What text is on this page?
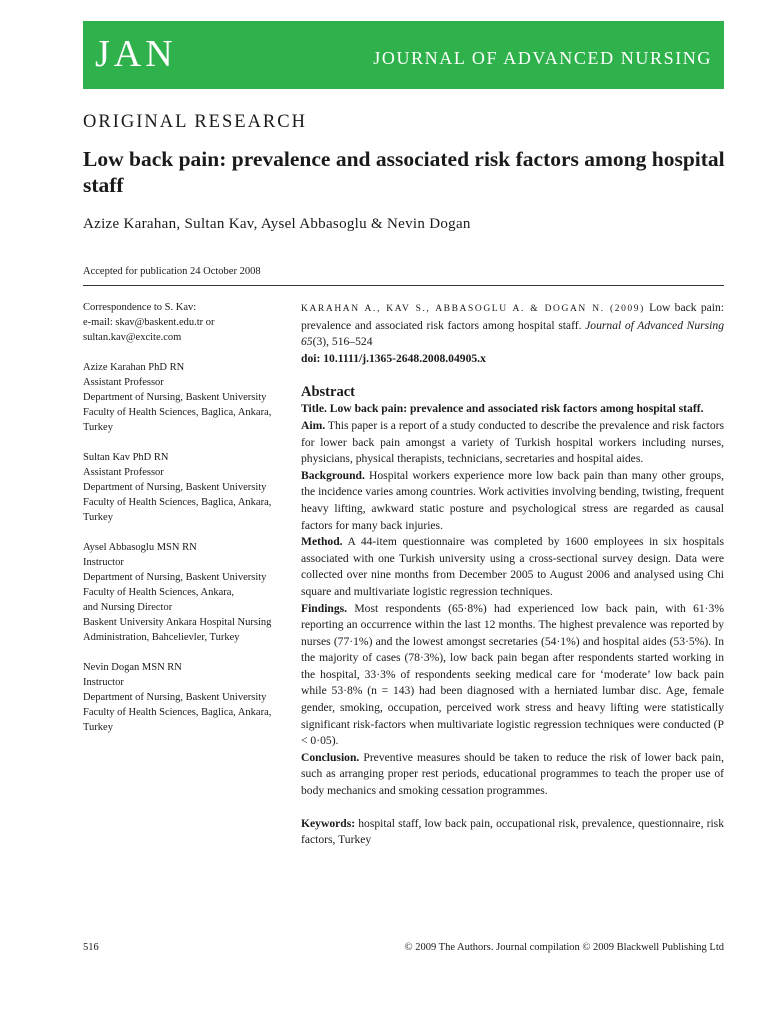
JAN	JOURNAL OF ADVANCED NURSING
ORIGINAL RESEARCH
Low back pain: prevalence and associated risk factors among hospital staff
Azize Karahan, Sultan Kav, Aysel Abbasoglu & Nevin Dogan
Accepted for publication 24 October 2008
Correspondence to S. Kav:
e-mail: skav@baskent.edu.tr or
sultan.kav@excite.com
Azize Karahan PhD RN
Assistant Professor
Department of Nursing, Baskent University
Faculty of Health Sciences, Baglica, Ankara,
Turkey
Sultan Kav PhD RN
Assistant Professor
Department of Nursing, Baskent University
Faculty of Health Sciences, Baglica, Ankara,
Turkey
Aysel Abbasoglu MSN RN
Instructor
Department of Nursing, Baskent University
Faculty of Health Sciences, Ankara,
and Nursing Director
Baskent University Ankara Hospital Nursing
Administration, Bahcelievler, Turkey
Nevin Dogan MSN RN
Instructor
Department of Nursing, Baskent University
Faculty of Health Sciences, Baglica, Ankara,
Turkey

KARAHAN A., KAV S., ABBASOGLU A. & DOGAN N. (2009) Low back pain: prevalence and associated risk factors among hospital staff. Journal of Advanced Nursing 65(3), 516–524
doi: 10.1111/j.1365-2648.2008.04905.x

Abstract

Title. Low back pain: prevalence and associated risk factors among hospital staff.

Aim. This paper is a report of a study conducted to describe the prevalence and risk factors for lower back pain amongst a variety of Turkish hospital workers including nurses, physicians, physical therapists, technicians, secretaries and hospital aides.

Background. Hospital workers experience more low back pain than many other groups, the incidence varies among countries. Work activities involving bending, twisting, frequent heavy lifting, awkward static posture and psychological stress are regarded as causal factors for many back injuries.

Method. A 44-item questionnaire was completed by 1600 employees in six hospitals associated with one Turkish university using a cross-sectional survey design. Data were collected over nine months from December 2005 to August 2006 and analysed using Chi square and multivariate logistic regression techniques.

Findings. Most respondents (65·8%) had experienced low back pain, with 61·3% reporting an occurrence within the last 12 months. The highest prevalence was reported by nurses (77·1%) and the lowest amongst secretaries (54·1%) and hospital aides (53·5%). In the majority of cases (78·3%), low back pain began after respondents started working in the hospital, 33·3% of respondents seeking medical care for ‘moderate’ low back pain while 53·8% (n = 143) had been diagnosed with a herniated lumbar disc. Age, female gender, smoking, occupation, perceived work stress and heavy lifting were statistically significant risk-factors when multivariate logistic regression techniques were conducted (P < 0·05).

Conclusion. Preventive measures should be taken to reduce the risk of lower back pain, such as arranging proper rest periods, educational programmes to teach the proper use of body mechanics and smoking cessation programmes.

Keywords: hospital staff, low back pain, occupational risk, prevalence, questionnaire, risk factors, Turkey

516	© 2009 The Authors. Journal compilation © 2009 Blackwell Publishing Ltd
